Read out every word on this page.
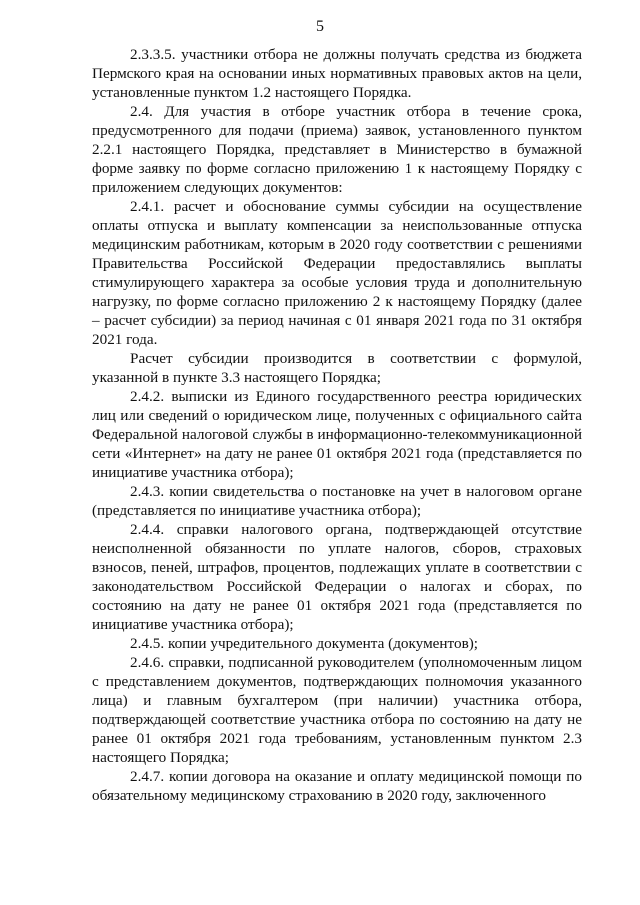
5

2.3.3.5. участники отбора не должны получать средства из бюджета Пермского края на основании иных нормативных правовых актов на цели, установленные пунктом 1.2 настоящего Порядка.

2.4. Для участия в отборе участник отбора в течение срока, предусмотренного для подачи (приема) заявок, установленного пунктом 2.2.1 настоящего Порядка, представляет в Министерство в бумажной форме заявку по форме согласно приложению 1 к настоящему Порядку с приложением следующих документов:

2.4.1. расчет и обоснование суммы субсидии на осуществление оплаты отпуска и выплату компенсации за неиспользованные отпуска медицинским работникам, которым в 2020 году соответствии с решениями Правительства Российской Федерации предоставлялись выплаты стимулирующего характера за особые условия труда и дополнительную нагрузку, по форме согласно приложению 2 к настоящему Порядку (далее – расчет субсидии) за период начиная с 01 января 2021 года по 31 октября 2021 года.

Расчет субсидии производится в соответствии с формулой, указанной в пункте 3.3 настоящего Порядка;

2.4.2. выписки из Единого государственного реестра юридических лиц или сведений о юридическом лице, полученных с официального сайта Федеральной налоговой службы в информационно-телекоммуникационной сети «Интернет» на дату не ранее 01 октября 2021 года (представляется по инициативе участника отбора);

2.4.3. копии свидетельства о постановке на учет в налоговом органе (представляется по инициативе участника отбора);

2.4.4. справки налогового органа, подтверждающей отсутствие неисполненной обязанности по уплате налогов, сборов, страховых взносов, пеней, штрафов, процентов, подлежащих уплате в соответствии с законодательством Российской Федерации о налогах и сборах, по состоянию на дату не ранее 01 октября 2021 года (представляется по инициативе участника отбора);

2.4.5. копии учредительного документа (документов);

2.4.6. справки, подписанной руководителем (уполномоченным лицом с представлением документов, подтверждающих полномочия указанного лица) и главным бухгалтером (при наличии) участника отбора, подтверждающей соответствие участника отбора по состоянию на дату не ранее 01 октября 2021 года требованиям, установленным пунктом 2.3 настоящего Порядка;

2.4.7. копии договора на оказание и оплату медицинской помощи по обязательному медицинскому страхованию в 2020 году, заключенного
